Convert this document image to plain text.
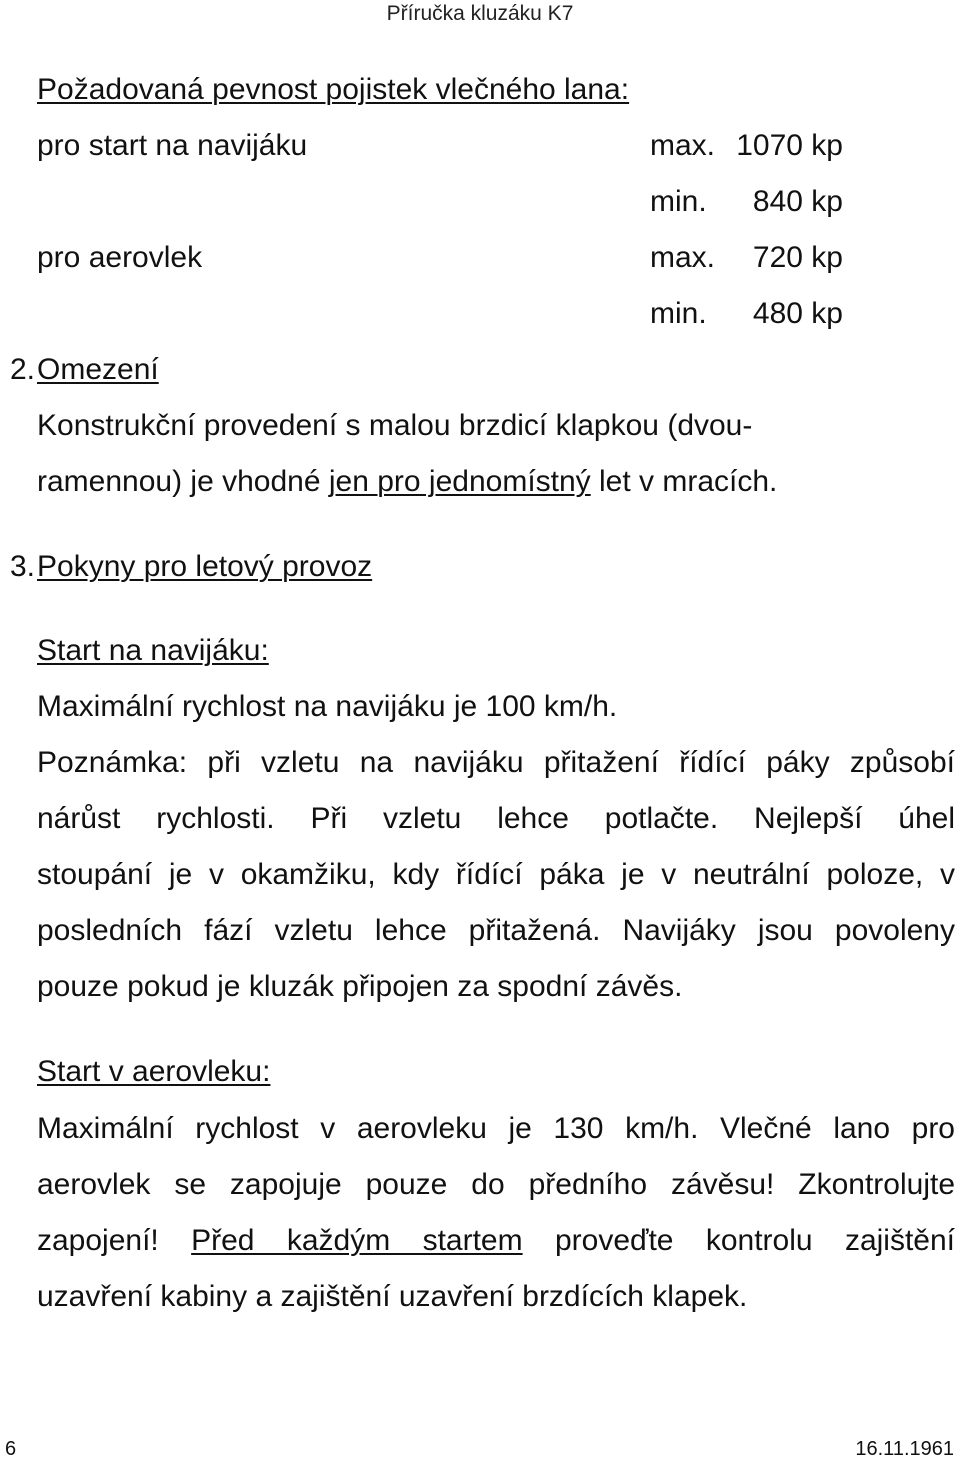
Příručka kluzáku K7
Požadovaná pevnost pojistek vlečného lana:
pro start na navijáku	max. 1070 kp
min. 840 kp
pro aerovlek	max. 720 kp
min. 480 kp
2. Omezení
Konstrukční provedení s malou brzdicí klapkou (dvou-
ramennou) je vhodné jen pro jednomístný let v mracích.
3. Pokyny pro letový provoz
Start na navijáku:
Maximální rychlost na navijáku je 100 km/h.
Poznámka: při vzletu na navijáku přitažení řídící páky způsobí
nárůst rychlosti. Při vzletu lehce potlačte. Nejlepší úhel
stoupání je v okamžiku, kdy řídící páka je v neutrální poloze, v
posledních fází vzletu lehce přitažená. Navijáky jsou povoleny
pouze pokud je kluzák připojen za spodní závěs.
Start v aerovleku:
Maximální rychlost v aerovleku je 130 km/h. Vlečné lano pro
aerovlek se zapojuje pouze do předního závěsu! Zkontrolujte
zapojení! Před každým startem proveďte kontrolu zajištění
uzavření kabiny a zajištění uzavření brzdících klapek.
6	16.11.1961
